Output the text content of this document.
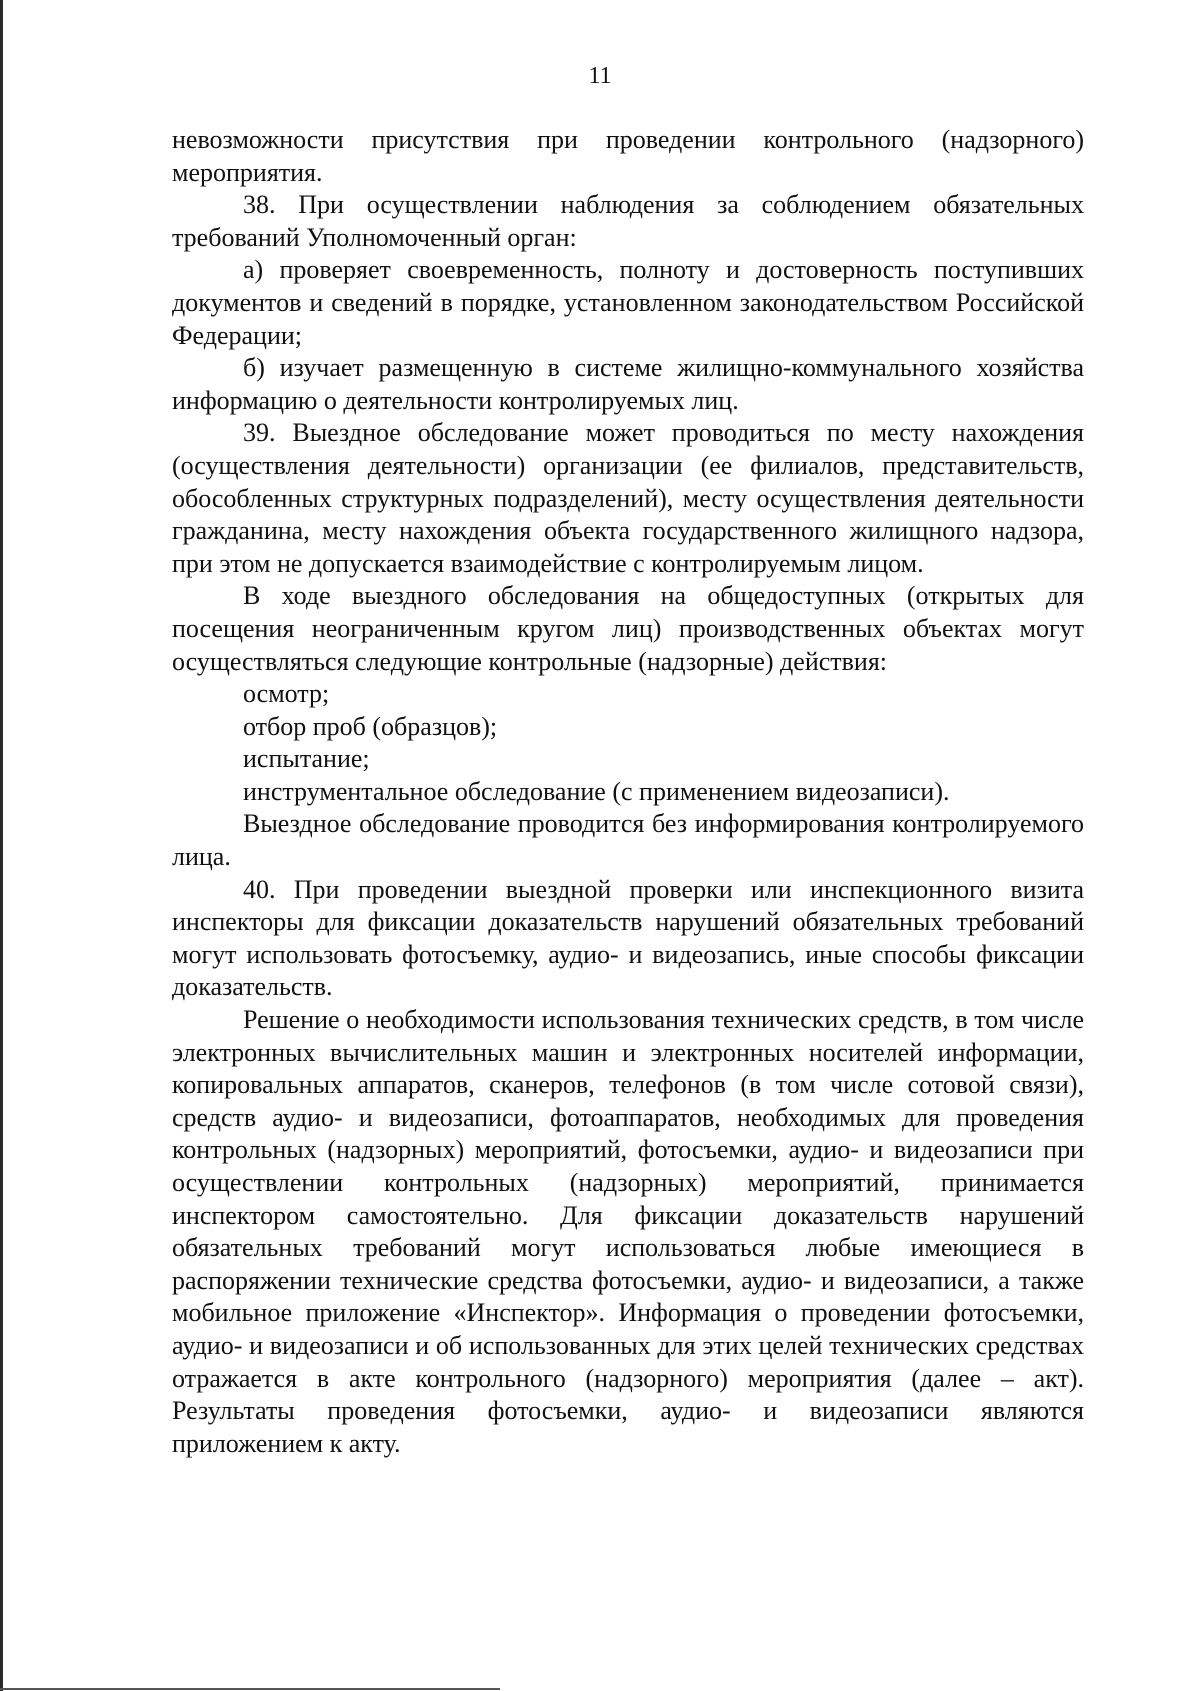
11

невозможности присутствия при проведении контрольного (надзорного) мероприятия.

38. При осуществлении наблюдения за соблюдением обязательных требований Уполномоченный орган:

а) проверяет своевременность, полноту и достоверность поступивших документов и сведений в порядке, установленном законодательством Российской Федерации;

б) изучает размещенную в системе жилищно-коммунального хозяйства информацию о деятельности контролируемых лиц.

39. Выездное обследование может проводиться по месту нахождения (осуществления деятельности) организации (ее филиалов, представительств, обособленных структурных подразделений), месту осуществления деятельности гражданина, месту нахождения объекта государственного жилищного надзора, при этом не допускается взаимодействие с контролируемым лицом.

В ходе выездного обследования на общедоступных (открытых для посещения неограниченным кругом лиц) производственных объектах могут осуществляться следующие контрольные (надзорные) действия:

осмотр;

отбор проб (образцов);

испытание;

инструментальное обследование (с применением видеозаписи).

Выездное обследование проводится без информирования контролируемого лица.

40. При проведении выездной проверки или инспекционного визита инспекторы для фиксации доказательств нарушений обязательных требований могут использовать фотосъемку, аудио- и видеозапись, иные способы фиксации доказательств.

Решение о необходимости использования технических средств, в том числе электронных вычислительных машин и электронных носителей информации, копировальных аппаратов, сканеров, телефонов (в том числе сотовой связи), средств аудио- и видеозаписи, фотоаппаратов, необходимых для проведения контрольных (надзорных) мероприятий, фотосъемки, аудио- и видеозаписи при осуществлении контрольных (надзорных) мероприятий, принимается инспектором самостоятельно. Для фиксации доказательств нарушений обязательных требований могут использоваться любые имеющиеся в распоряжении технические средства фотосъемки, аудио- и видеозаписи, а также мобильное приложение «Инспектор». Информация о проведении фотосъемки, аудио- и видеозаписи и об использованных для этих целей технических средствах отражается в акте контрольного (надзорного) мероприятия (далее – акт). Результаты проведения фотосъемки, аудио- и видеозаписи являются приложением к акту.
